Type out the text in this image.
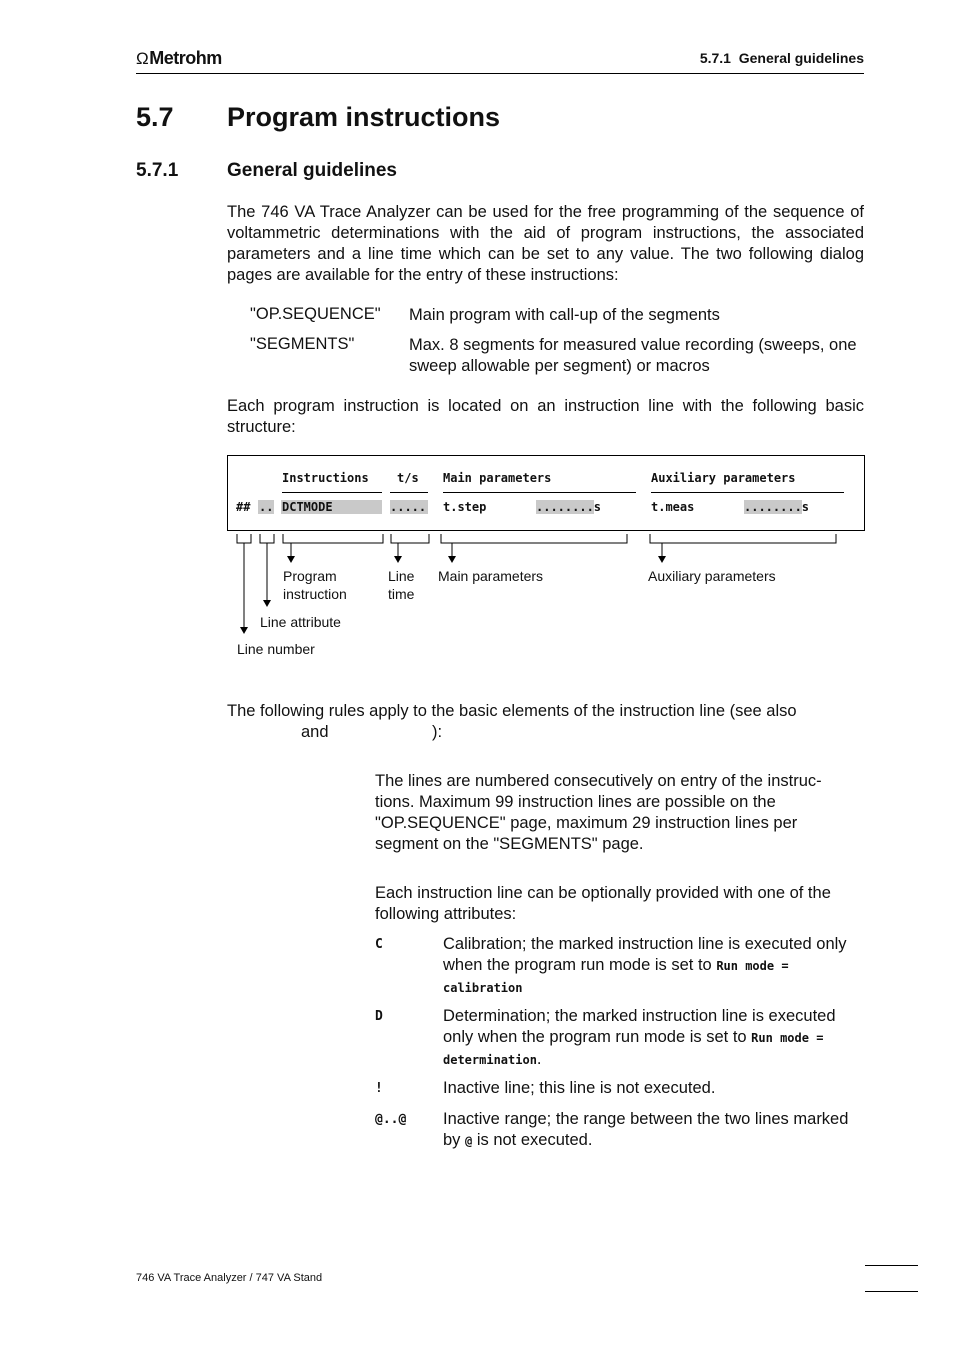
Ω Metrohm	5.7.1  General guidelines
5.7 Program instructions
5.7.1	General guidelines
The 746 VA Trace Analyzer can be used for the free programming of the sequence of voltammetric determinations with the aid of program instructions, the associated parameters and a line time which can be set to any value. The two following dialog pages are available for the entry of these instructions:
"OP.SEQUENCE" Main program with call-up of the segments
"SEGMENTS"	Max. 8 segments for measured value recording (sweeps, one sweep allowable per segment) or macros
Each program instruction is located on an instruction line with the following basic structure:
Instructions t/s Main parameters	Auxiliary parameters
## .. DCTMODE	..... t.step	........s	t.meas	........s
Program
instruction
Line
time
Main parameters	Auxiliary parameters
Line attribute
Line number
The following rules apply to the basic elements of the instruction line (see also
and	):
The lines are numbered consecutively on entry of the instruc-
tions. Maximum 99 instruction lines are possible on the
"OP.SEQUENCE" page, maximum 29 instruction lines per
segment on the "SEGMENTS" page.
Each instruction line can be optionally provided with one of the following attributes:
C	Calibration; the marked instruction line is executed only when the program run mode is set to Run mode =
calibration
D	Determination; the marked instruction line is executed only when the program run mode is set to Run mode =
determination.
!	Inactive line; this line is not executed.
@..@ Inactive range; the range between the two lines marked by @ is not executed.
746 VA Trace Analyzer / 747 VA Stand
